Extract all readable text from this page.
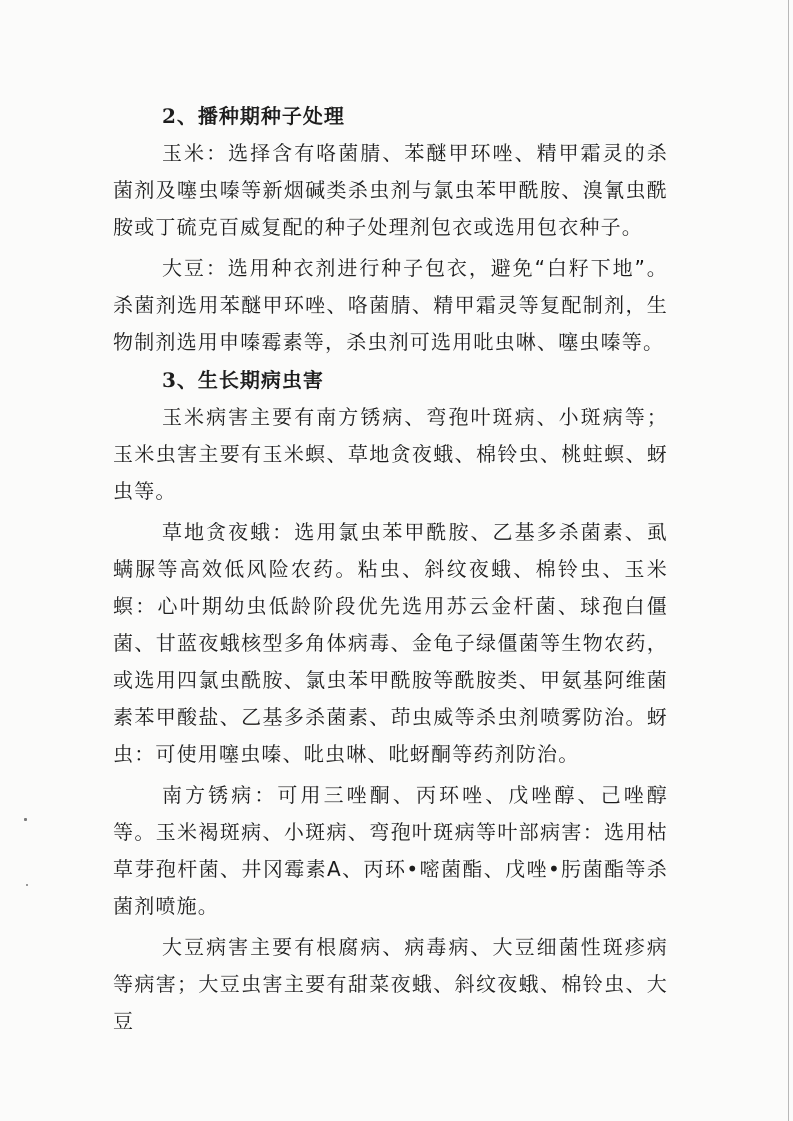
2、播种期种子处理

玉米：选择含有咯菌腈、苯醚甲环唑、精甲霜灵的杀菌剂及噻虫嗪等新烟碱类杀虫剂与氯虫苯甲酰胺、溴氰虫酰胺或丁硫克百威复配的种子处理剂包衣或选用包衣种子。

大豆：选用种衣剂进行种子包衣，避免“白籽下地”。杀菌剂选用苯醚甲环唑、咯菌腈、精甲霜灵等复配制剂，生物制剂选用申嗪霉素等，杀虫剂可选用吡虫啉、噻虫嗪等。

3、生长期病虫害

玉米病害主要有南方锈病、弯孢叶斑病、小斑病等；玉米虫害主要有玉米螟、草地贪夜蛾、棉铃虫、桃蛀螟、蚜虫等。

草地贪夜蛾：选用氯虫苯甲酰胺、乙基多杀菌素、虱螨脲等高效低风险农药。粘虫、斜纹夜蛾、棉铃虫、玉米螟：心叶期幼虫低龄阶段优先选用苏云金杆菌、球孢白僵菌、甘蓝夜蛾核型多角体病毒、金龟子绿僵菌等生物农药，或选用四氯虫酰胺、氯虫苯甲酰胺等酰胺类、甲氨基阿维菌素苯甲酸盐、乙基多杀菌素、茚虫威等杀虫剂喷雾防治。蚜虫：可使用噻虫嗪、吡虫啉、吡蚜酮等药剂防治。

南方锈病：可用三唑酮、丙环唑、戊唑醇、己唑醇等。玉米褐斑病、小斑病、弯孢叶斑病等叶部病害：选用枯草芽孢杆菌、井冈霉素A、丙环•嘧菌酯、戊唑•肟菌酯等杀菌剂喷施。

大豆病害主要有根腐病、病毒病、大豆细菌性斑疹病等病害；大豆虫害主要有甜菜夜蛾、斜纹夜蛾、棉铃虫、大豆
